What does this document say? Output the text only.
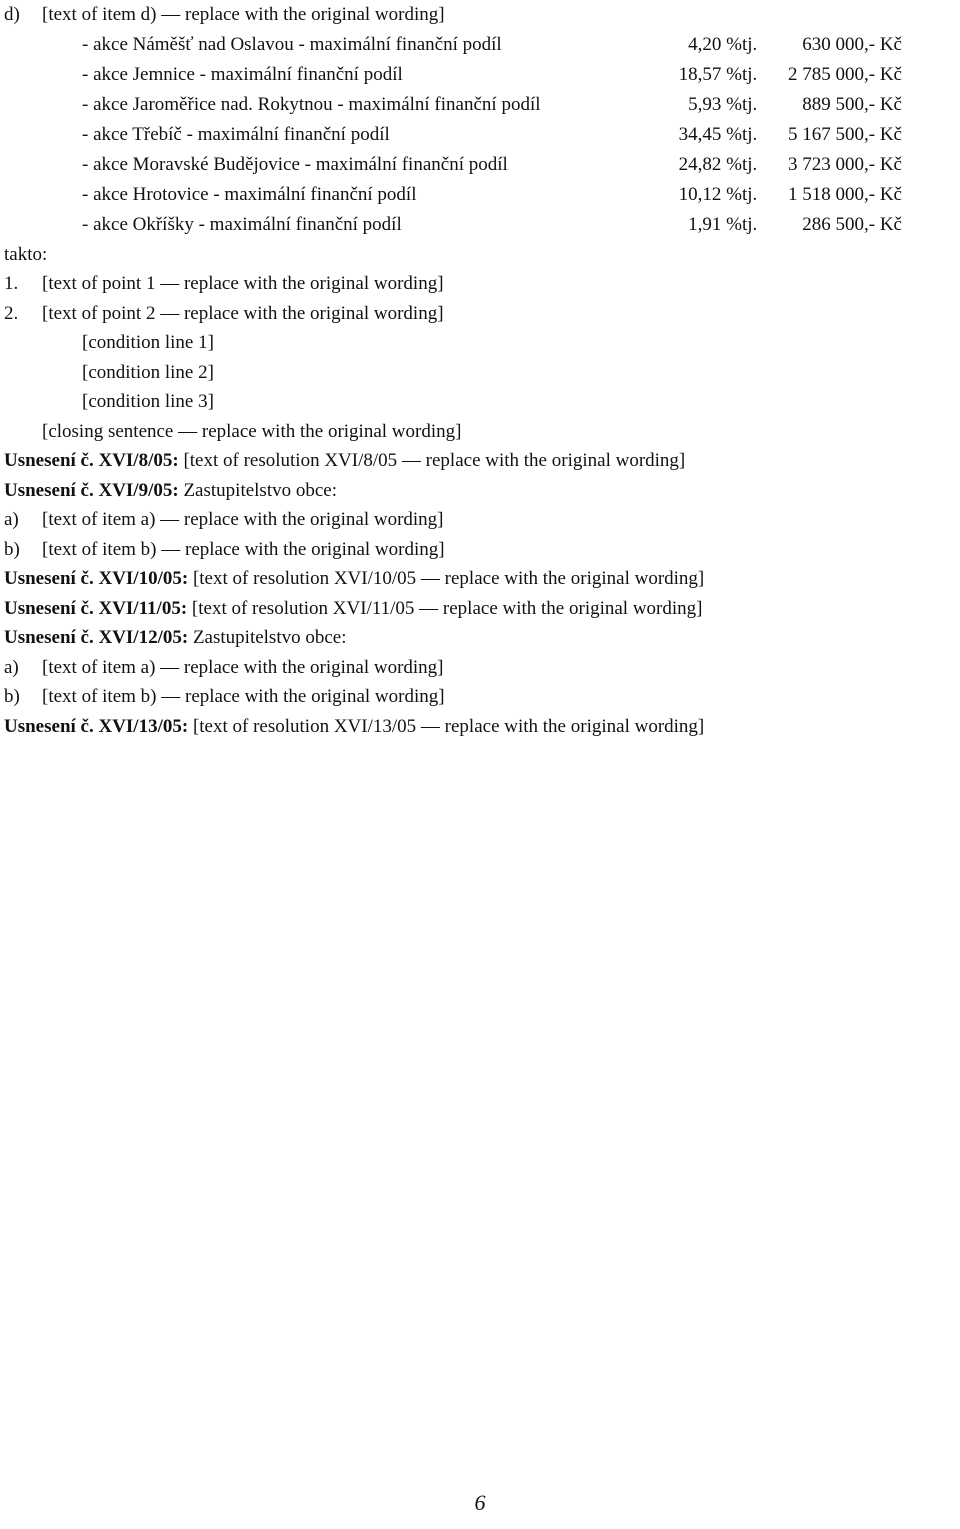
d)	[text of item d) — replace with the original wording]
- akce Náměšť nad Oslavou - maximální finanční podíl	4,20 %	tj.	630 000,- Kč
- akce Jemnice - maximální finanční podíl	18,57 %	tj.	2 785 000,- Kč
- akce Jaroměřice nad. Rokytnou - maximální finanční podíl	5,93 %	tj.	889 500,- Kč
- akce Třebíč - maximální finanční podíl	34,45 %	tj.	5 167 500,- Kč
- akce Moravské Budějovice - maximální finanční podíl	24,82 %	tj.	3 723 000,- Kč
- akce Hrotovice - maximální finanční podíl	10,12 %	tj.	1 518 000,- Kč
- akce Okříšky - maximální finanční podíl	1,91 %	tj.	286 500,- Kč

takto:

1.	[text of point 1 — replace with the original wording]
2.	[text of point 2 — replace with the original wording]
[condition line 1]
[condition line 2]
[condition line 3]
[closing sentence — replace with the original wording]
Usnesení č. XVI/8/05: [text of resolution XVI/8/05 — replace with the original wording]
Usnesení č. XVI/9/05: Zastupitelstvo obce:
a)	[text of item a) — replace with the original wording]
b)	[text of item b) — replace with the original wording]
Usnesení č. XVI/10/05: [text of resolution XVI/10/05 — replace with the original wording]
Usnesení č. XVI/11/05: [text of resolution XVI/11/05 — replace with the original wording]
Usnesení č. XVI/12/05: Zastupitelstvo obce:
a)	[text of item a) — replace with the original wording]
b)	[text of item b) — replace with the original wording]
Usnesení č. XVI/13/05: [text of resolution XVI/13/05 — replace with the original wording]
6
